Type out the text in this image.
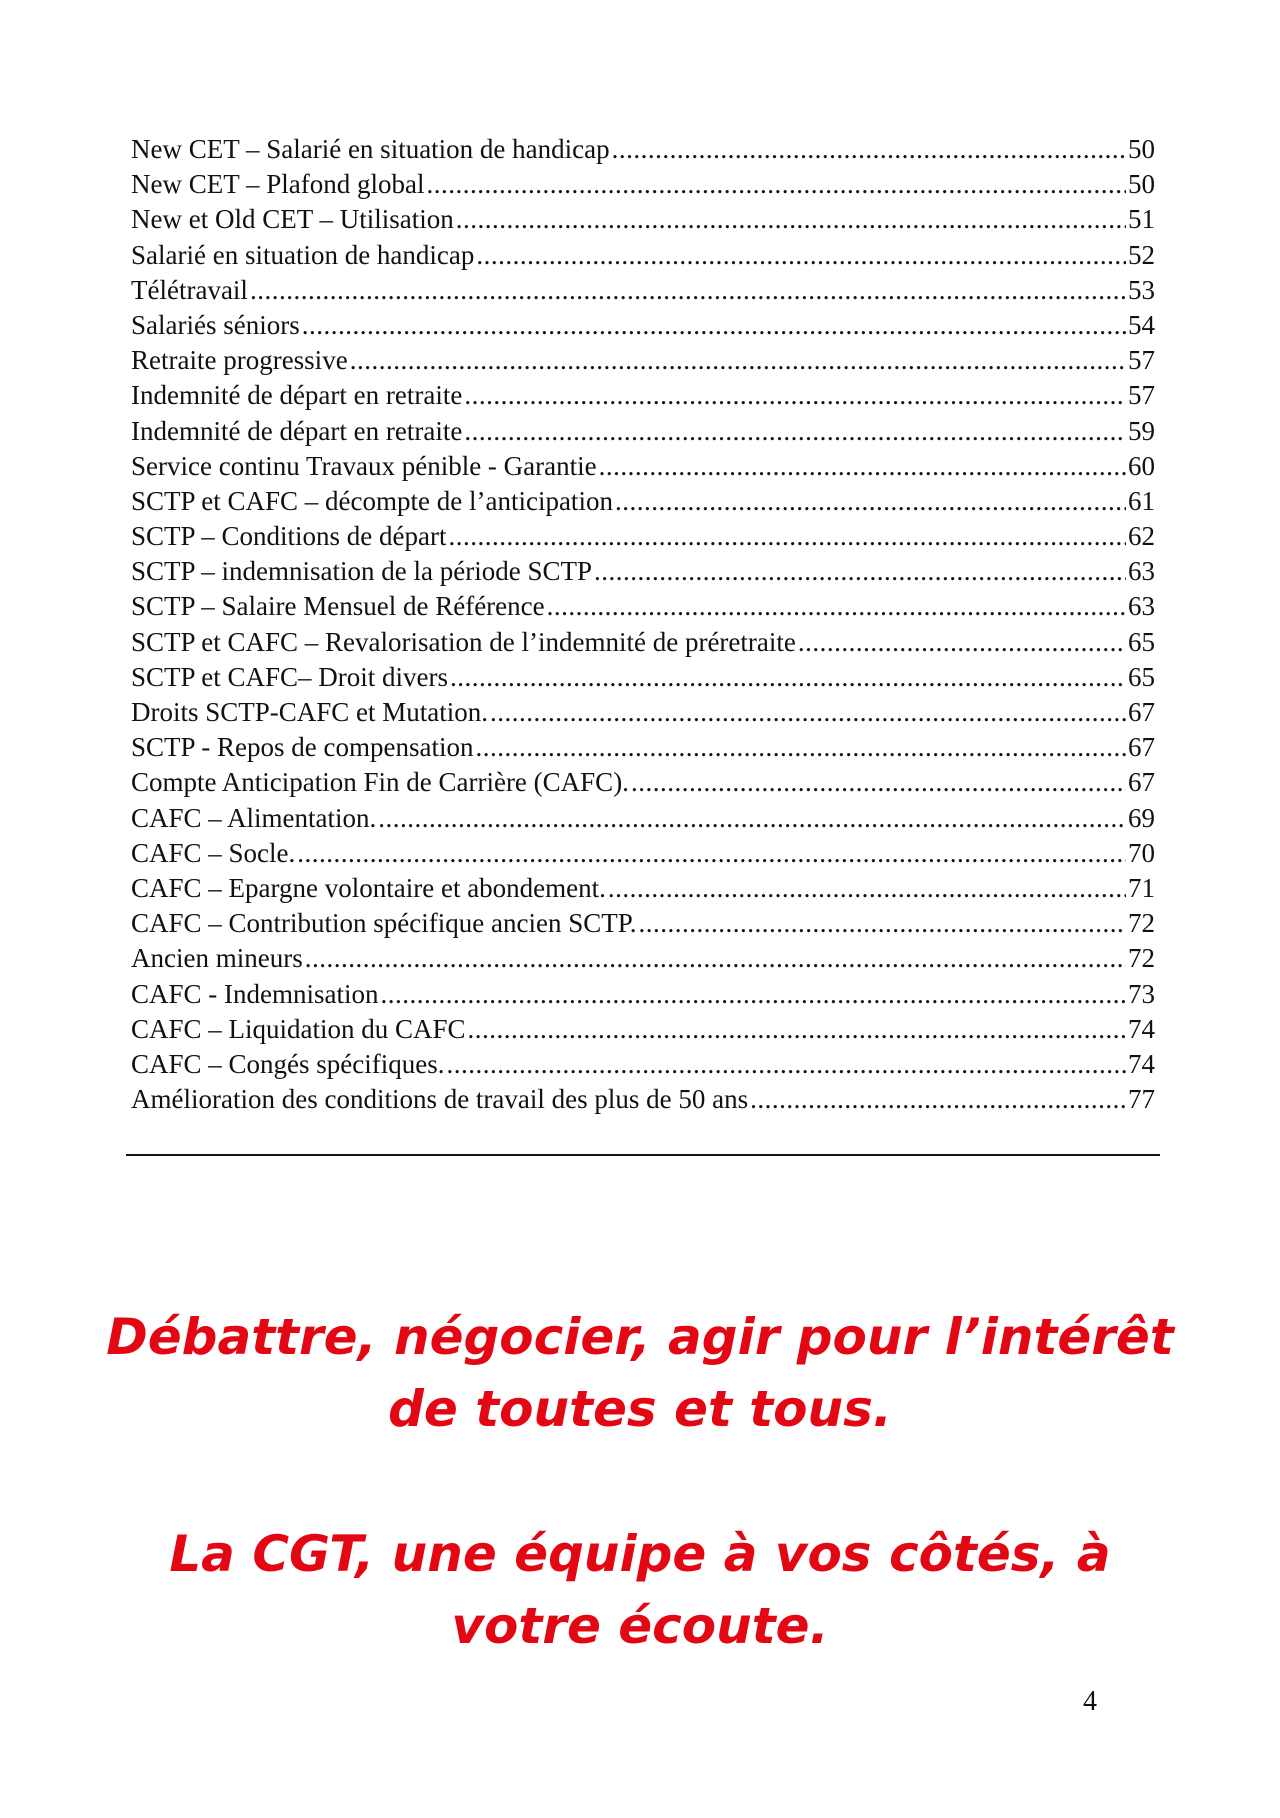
New CET – Salarié en situation de handicap .....	50
New CET – Plafond global .....	50
New et Old CET – Utilisation .....	51
Salarié en situation de handicap .....	52
Télétravail .....	53
Salariés séniors .....	54
Retraite progressive .....	57
Indemnité de départ en retraite .....	57
Indemnité de départ en retraite .....	59
Service continu Travaux pénible - Garantie .....	60
SCTP et CAFC – décompte de l’anticipation .....	61
SCTP – Conditions de départ .....	62
SCTP – indemnisation de la période SCTP .....	63
SCTP – Salaire Mensuel de Référence .....	63
SCTP et CAFC – Revalorisation de l’indemnité de préretraite .....	65
SCTP et CAFC– Droit divers .....	65
Droits SCTP-CAFC et Mutation. .....	67
SCTP - Repos de compensation .....	67
Compte Anticipation Fin de Carrière (CAFC). .....	67
CAFC – Alimentation. .....	69
CAFC – Socle. .....	70
CAFC – Epargne volontaire et abondement. .....	71
CAFC – Contribution spécifique ancien SCTP. .....	72
Ancien mineurs .....	72
CAFC - Indemnisation .....	73
CAFC – Liquidation du CAFC .....	74
CAFC – Congés spécifiques. .....	74
Amélioration des conditions de travail des plus de 50 ans .....	77
Débattre, négocier, agir pour l’intérêt
de toutes et tous.
La CGT, une équipe à vos côtés, à
votre écoute.
4
